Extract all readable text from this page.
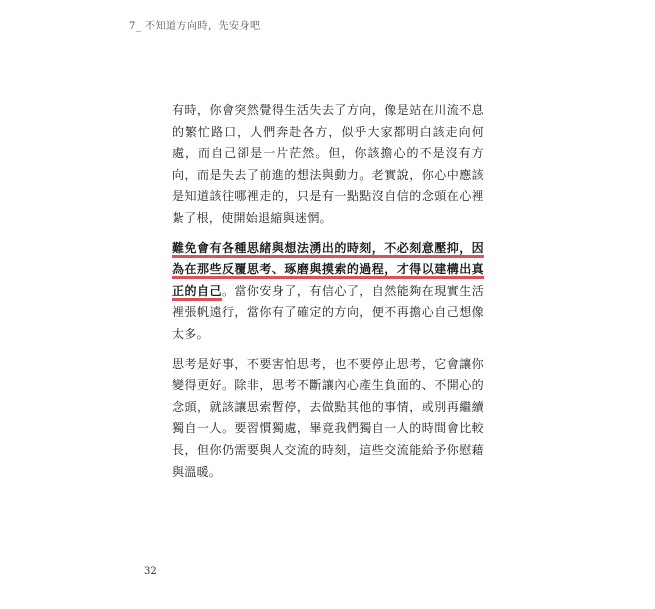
7_ 不知道方向時，先安身吧

有時，你會突然覺得生活失去了方向，像是站在川流不息的繁忙路口，人們奔赴各方，似乎大家都明白該走向何處，而自己卻是一片茫然。但，你該擔心的不是沒有方向，而是失去了前進的想法與動力。老實說，你心中應該是知道該往哪裡走的，只是有一點點沒自信的念頭在心裡紮了根，使開始退縮與迷惘。

難免會有各種思緒與想法湧出的時刻，不必刻意壓抑，因為在那些反覆思考、琢磨與摸索的過程，才得以建構出真正的自己。當你安身了，有信心了，自然能夠在現實生活裡張帆遠行，當你有了確定的方向，便不再擔心自己想像太多。

思考是好事，不要害怕思考，也不要停止思考，它會讓你變得更好。除非，思考不斷讓內心產生負面的、不開心的念頭，就該讓思索暫停，去做點其他的事情，或別再繼續獨自一人。要習慣獨處，畢竟我們獨自一人的時間會比較長，但你仍需要與人交流的時刻，這些交流能給予你慰藉與溫暖。

32
